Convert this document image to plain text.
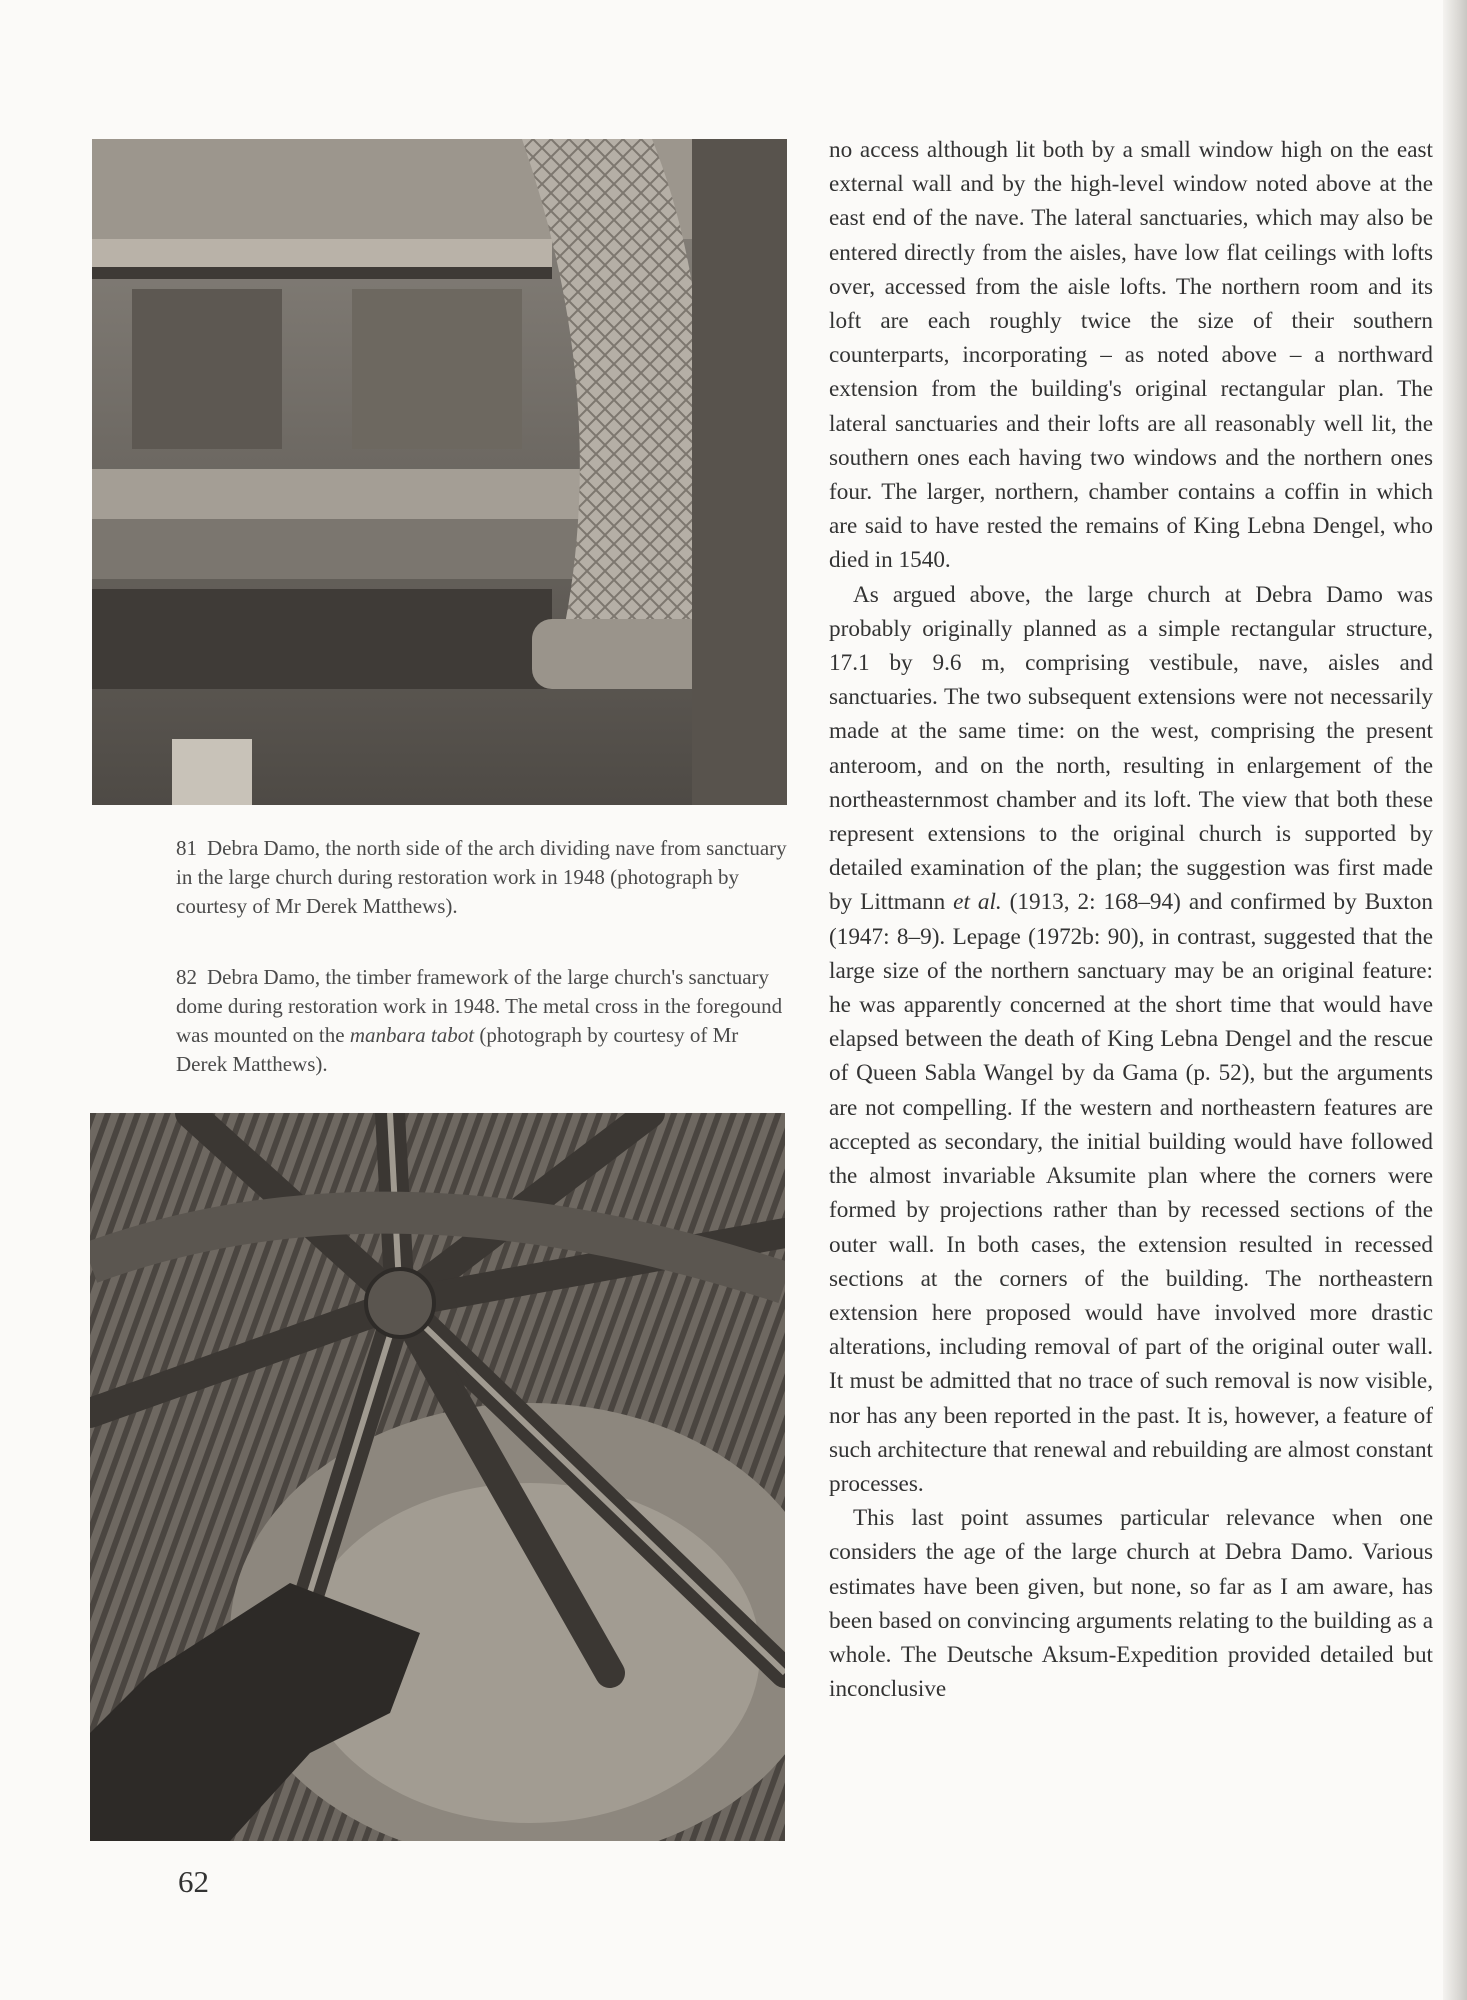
81 Debra Damo, the north side of the arch dividing nave from sanctuary in the large church during restoration work in 1948 (photograph by courtesy of Mr Derek Matthews).
82 Debra Damo, the timber framework of the large church's sanctuary dome during restoration work in 1948. The metal cross in the foregound was mounted on the manbara tabot (photograph by courtesy of Mr Derek Matthews).

no access although lit both by a small window high on the east external wall and by the high-level window noted above at the east end of the nave. The lateral sanctuaries, which may also be entered directly from the aisles, have low flat ceilings with lofts over, accessed from the aisle lofts. The northern room and its loft are each roughly twice the size of their southern counterparts, incorporating – as noted above – a northward extension from the building's original rectangular plan. The lateral sanctuaries and their lofts are all reasonably well lit, the southern ones each having two windows and the northern ones four. The larger, northern, chamber contains a coffin in which are said to have rested the remains of King Lebna Dengel, who died in 1540.

As argued above, the large church at Debra Damo was probably originally planned as a simple rectangular structure, 17.1 by 9.6 m, comprising vestibule, nave, aisles and sanctuaries. The two subsequent extensions were not necessarily made at the same time: on the west, comprising the present anteroom, and on the north, resulting in enlargement of the northeasternmost chamber and its loft. The view that both these represent extensions to the original church is supported by detailed examination of the plan; the suggestion was first made by Littmann et al. (1913, 2: 168–94) and confirmed by Buxton (1947: 8–9). Lepage (1972b: 90), in contrast, suggested that the large size of the northern sanctuary may be an original feature: he was apparently concerned at the short time that would have elapsed between the death of King Lebna Dengel and the rescue of Queen Sabla Wangel by da Gama (p. 52), but the arguments are not compelling. If the western and northeastern features are accepted as secondary, the initial building would have followed the almost invariable Aksumite plan where the corners were formed by projections rather than by recessed sections of the outer wall. In both cases, the extension resulted in recessed sections at the corners of the building. The northeastern extension here proposed would have involved more drastic alterations, including removal of part of the original outer wall. It must be admitted that no trace of such removal is now visible, nor has any been reported in the past. It is, however, a feature of such architecture that renewal and rebuilding are almost constant processes.

This last point assumes particular relevance when one considers the age of the large church at Debra Damo. Various estimates have been given, but none, so far as I am aware, has been based on convincing arguments relating to the building as a whole. The Deutsche Aksum-Expedition provided detailed but inconclusive

62
